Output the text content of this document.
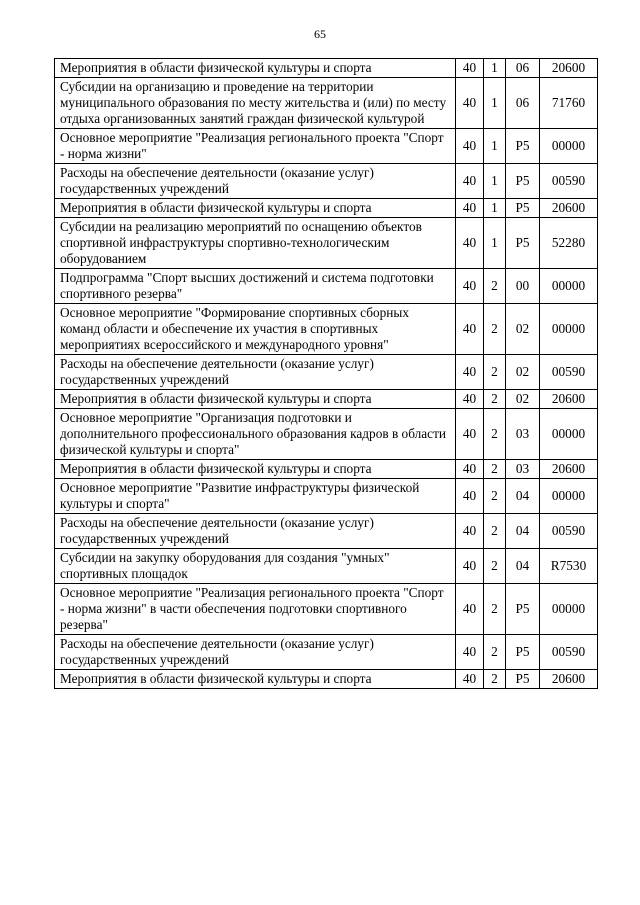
65
Мероприятия в области физической культуры и спорта	40	1	06	20600
Субсидии на организацию и проведение на территории муниципального образования по месту жительства и (или) по месту отдыха организованных занятий граждан физической культурой	40	1	06	71760
Основное мероприятие "Реализация регионального проекта "Спорт - норма жизни"	40	1	P5	00000
Расходы на обеспечение деятельности (оказание услуг) государственных учреждений	40	1	P5	00590
Мероприятия в области физической культуры и спорта	40	1	P5	20600
Субсидии на реализацию мероприятий по оснащению объектов спортивной инфраструктуры спортивно-технологическим оборудованием	40	1	P5	52280
Подпрограмма "Спорт высших достижений и система подготовки спортивного резерва"	40	2	00	00000
Основное мероприятие "Формирование спортивных сборных команд области и обеспечение их участия в спортивных мероприятиях всероссийского и международного уровня"	40	2	02	00000
Расходы на обеспечение деятельности (оказание услуг) государственных учреждений	40	2	02	00590
Мероприятия в области физической культуры и спорта	40	2	02	20600
Основное мероприятие "Организация подготовки и дополнительного профессионального образования кадров в области физической культуры и спорта"	40	2	03	00000
Мероприятия в области физической культуры и спорта	40	2	03	20600
Основное мероприятие "Развитие инфраструктуры физической культуры и спорта"	40	2	04	00000
Расходы на обеспечение деятельности (оказание услуг) государственных учреждений	40	2	04	00590
Субсидии на закупку оборудования для создания "умных" спортивных площадок	40	2	04	R7530
Основное мероприятие "Реализация регионального проекта "Спорт - норма жизни" в части обеспечения подготовки спортивного резерва"	40	2	P5	00000
Расходы на обеспечение деятельности (оказание услуг) государственных учреждений	40	2	P5	00590
Мероприятия в области физической культуры и спорта	40	2	P5	20600
